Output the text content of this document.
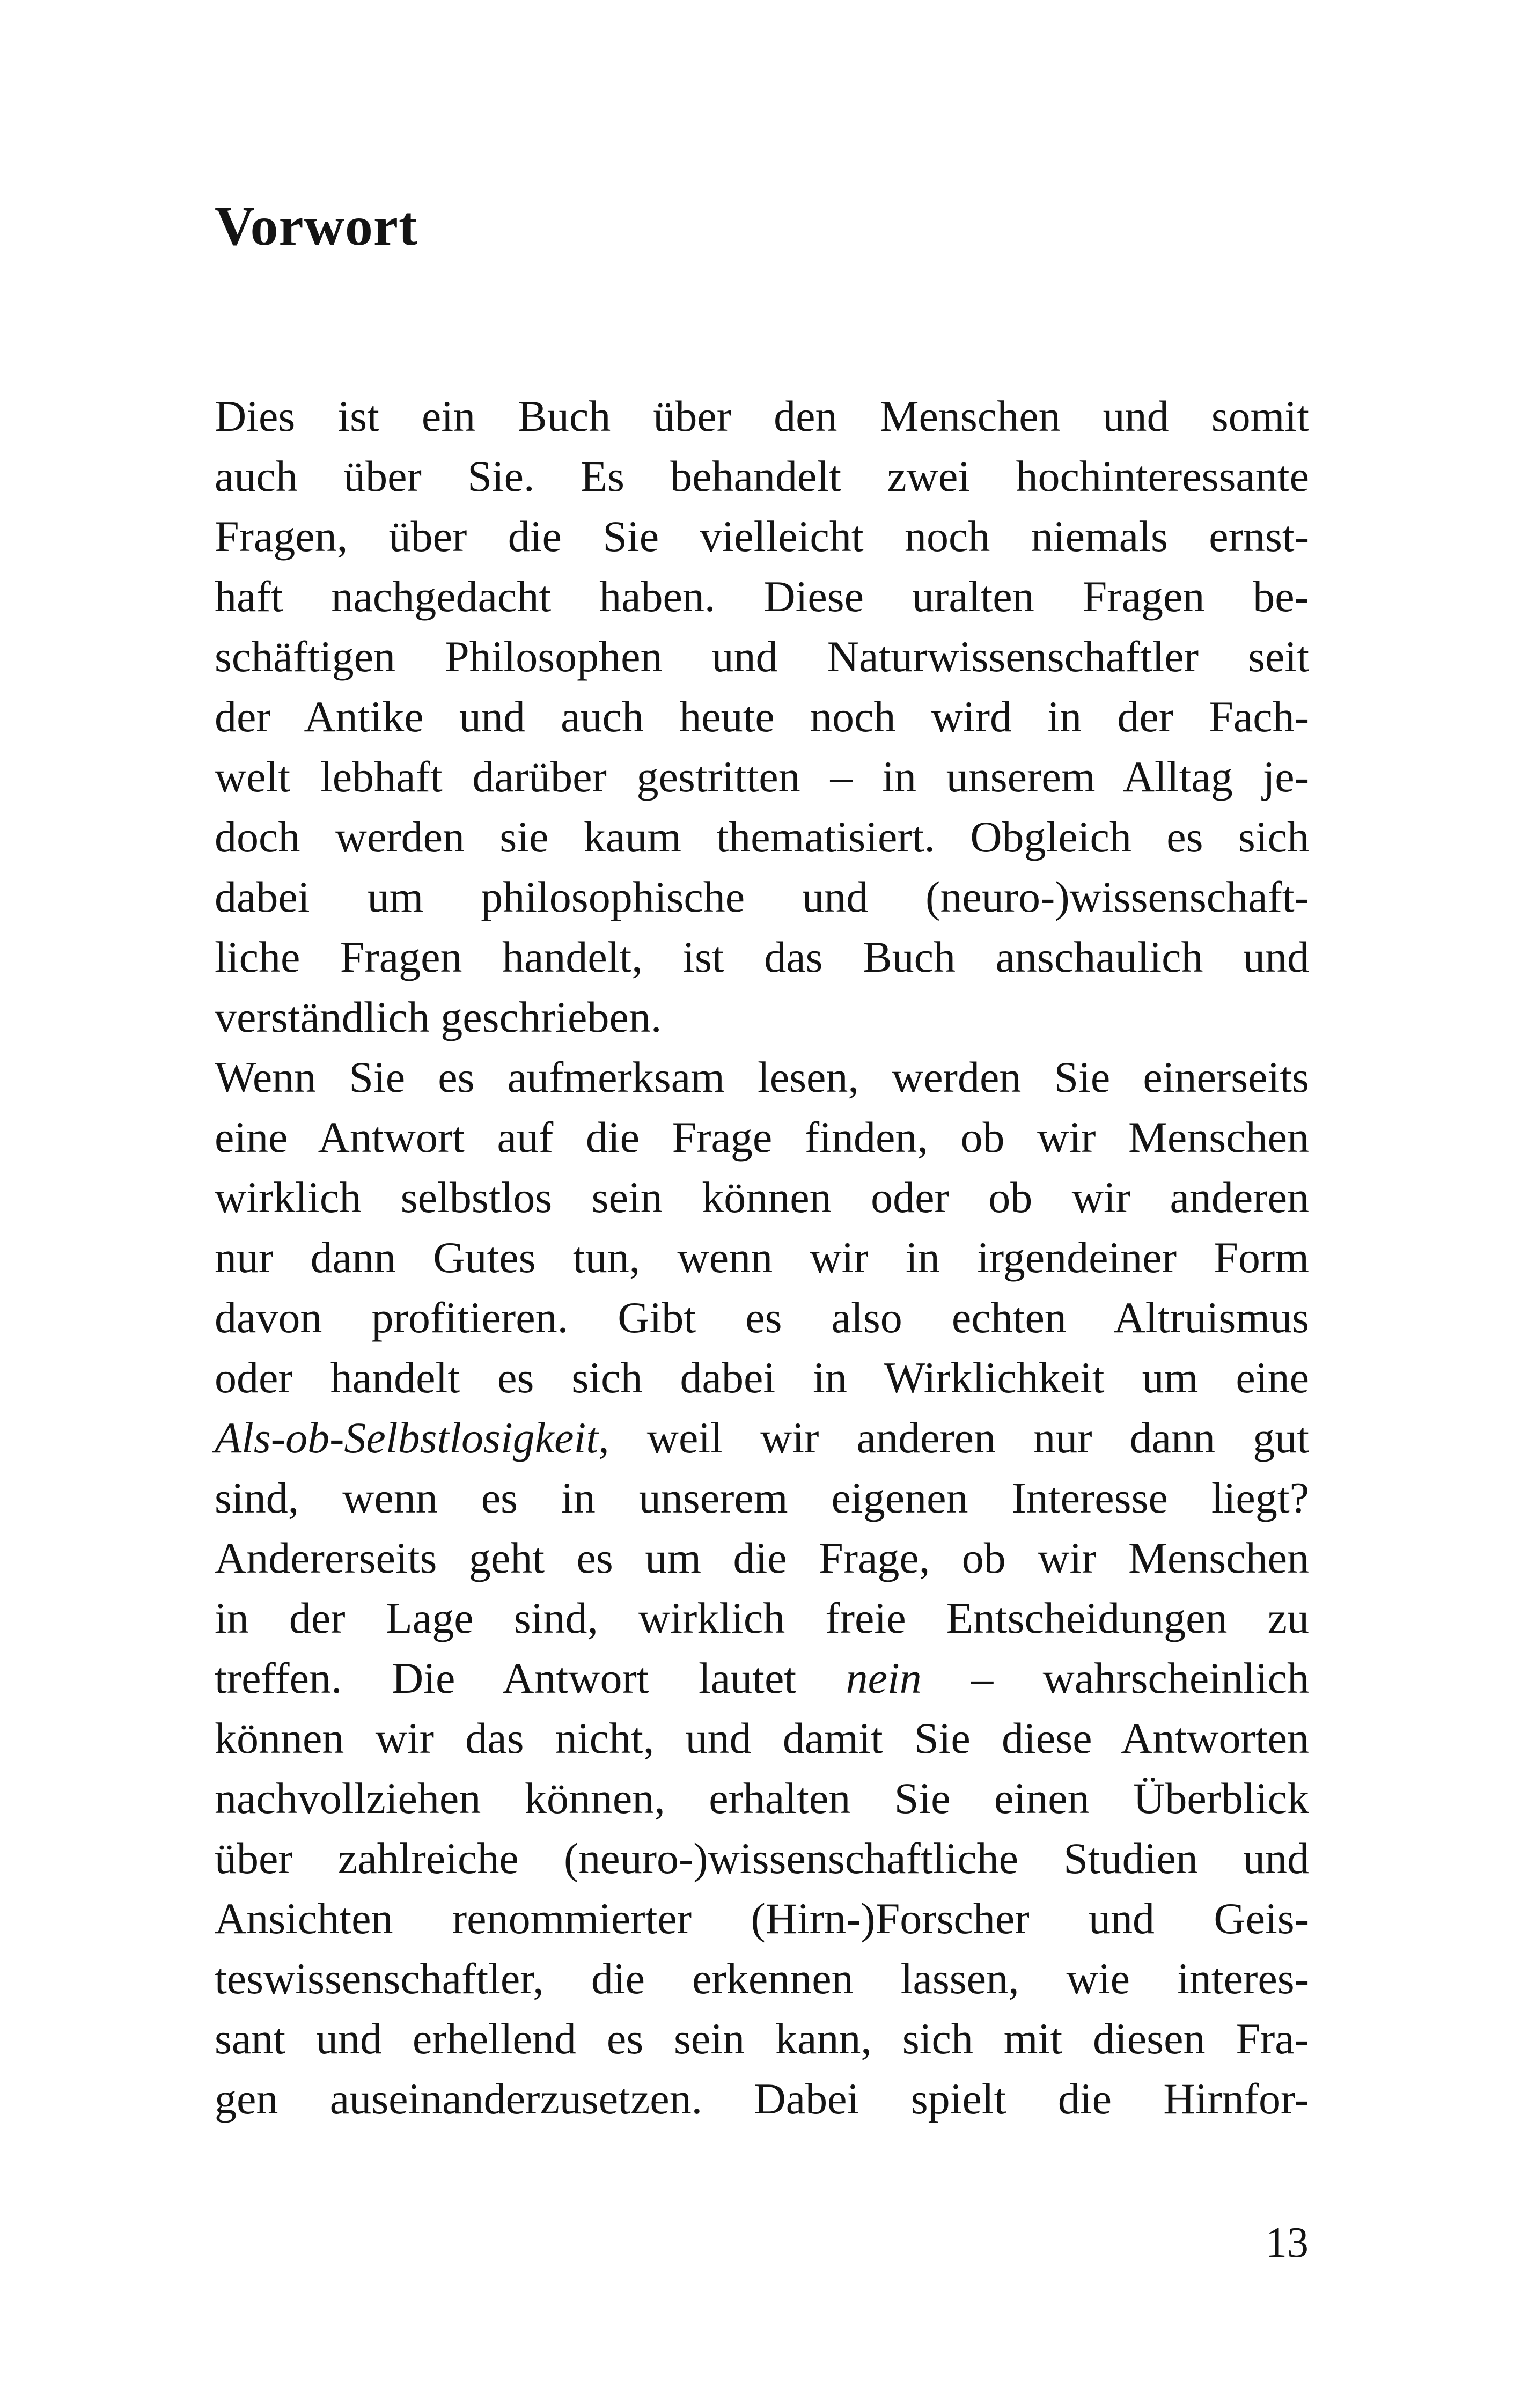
Vorwort
Dies ist ein Buch über den Menschen und somit
auch über Sie. Es behandelt zwei hochinteressante
Fragen, über die Sie vielleicht noch niemals ernst-
haft nachgedacht haben. Diese uralten Fragen be-
schäftigen Philosophen und Naturwissenschaftler seit
der Antike und auch heute noch wird in der Fach-
welt lebhaft darüber gestritten – in unserem Alltag je-
doch werden sie kaum thematisiert. Obgleich es sich
dabei um philosophische und (neuro-)wissenschaft-
liche Fragen handelt, ist das Buch anschaulich und
verständlich geschrieben.
Wenn Sie es aufmerksam lesen, werden Sie einerseits
eine Antwort auf die Frage finden, ob wir Menschen
wirklich selbstlos sein können oder ob wir anderen
nur dann Gutes tun, wenn wir in irgendeiner Form
davon profitieren. Gibt es also echten Altruismus
oder handelt es sich dabei in Wirklichkeit um eine
Als-ob-Selbstlosigkeit, weil wir anderen nur dann gut
sind, wenn es in unserem eigenen Interesse liegt?
Andererseits geht es um die Frage, ob wir Menschen
in der Lage sind, wirklich freie Entscheidungen zu
treffen. Die Antwort lautet nein – wahrscheinlich
können wir das nicht, und damit Sie diese Antworten
nachvollziehen können, erhalten Sie einen Überblick
über zahlreiche (neuro-)wissenschaftliche Studien und
Ansichten renommierter (Hirn-)Forscher und Geis-
teswissenschaftler, die erkennen lassen, wie interes-
sant und erhellend es sein kann, sich mit diesen Fra-
gen auseinanderzusetzen. Dabei spielt die Hirnfor-
13
